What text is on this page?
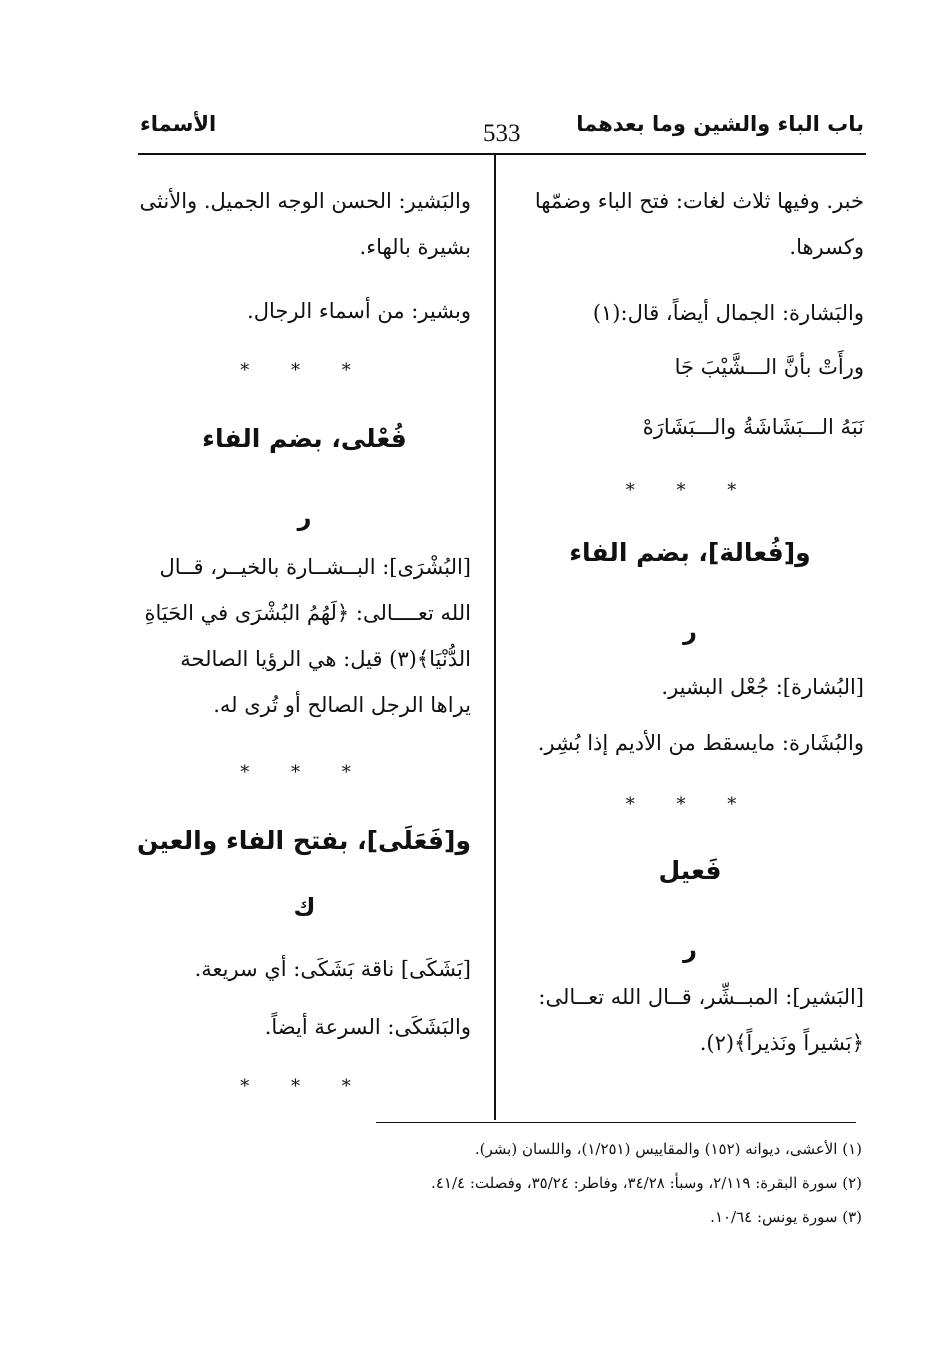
باب الباء والشين وما بعدهما
533
الأسماء
خبر. وفيها ثلاث لغات: فتح الباء وضمّها وكسرها.
والبَشارة: الجمال أيضاً، قال:(١)
ورأَتْ بأنَّ الـــشَّيْبَ جَا
نَبَهُ الـــبَشَاشَةُ والـــبَشَارَهْ
* * *
و[فُعالة]، بضم الفاء
ر
[البُشارة]: جُعْل البشير.
والبُشَارة: مايسقط من الأديم إذا بُشِر.
* * *
فَعيل
ر
[البَشير]: المبــشِّر، قــال الله تعــالى: ﴿بَشيراً ونَذيراً﴾(٢).
والبَشير: الحسن الوجه الجميل. والأنثى بشيرة بالهاء.
وبشير: من أسماء الرجال.
* * *
فُعْلى، بضم الفاء
ر
[البُشْرَى]: البــشــارة بالخيــر، قــال الله تعــــالى: ﴿لَهُمُ البُشْرَى في الحَيَاةِ الدُّنْيَا﴾(٣) قيل: هي الرؤيا الصالحة يراها الرجل الصالح أو تُرى له.
* * *
و[فَعَلَى]، بفتح الفاء والعين
ك
[بَشَكَى] ناقة بَشَكَى: أي سريعة.
والبَشَكَى: السرعة أيضاً.
* * *
(١) الأعشى، ديوانه (١٥٢) والمقاييس (١/٢٥١)، واللسان (بشر).
(٢) سورة البقرة: ٢/١١٩، وسبأ: ٣٤/٢٨، وفاطر: ٣٥/٢٤، وفصلت: ٤١/٤.
(٣) سورة يونس: ١٠/٦٤.
